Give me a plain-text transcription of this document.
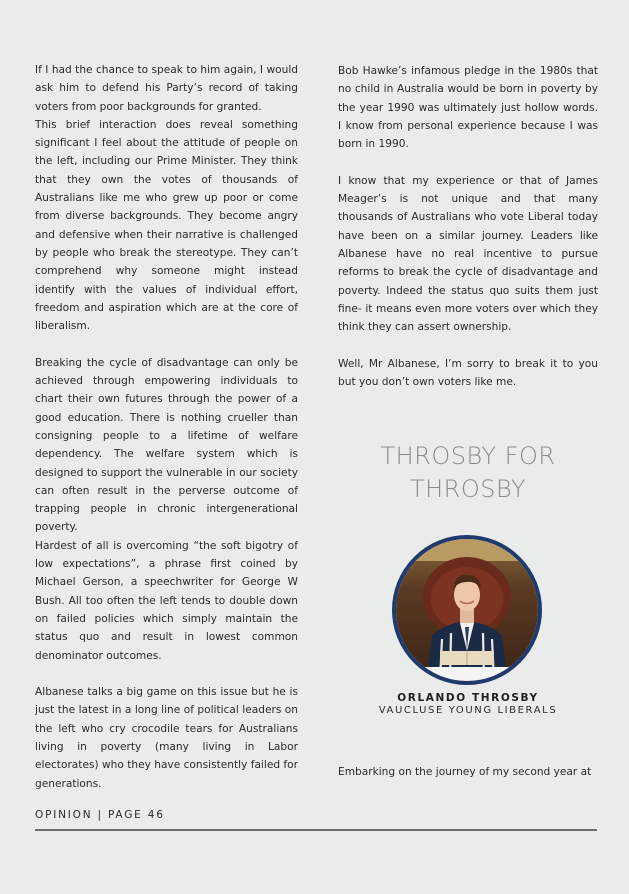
If I had the chance to speak to him again, I would ask him to defend his Party’s record of taking voters from poor backgrounds for granted.

This brief interaction does reveal something significant I feel about the attitude of people on the left, including our Prime Minister. They think that they own the votes of thousands of Australians like me who grew up poor or come from diverse backgrounds. They become angry and defensive when their narrative is challenged by people who break the stereotype. They can’t comprehend why someone might instead identify with the values of individual effort, freedom and aspiration which are at the core of liberalism.

Breaking the cycle of disadvantage can only be achieved through empowering individuals to chart their own futures through the power of a good education. There is nothing crueller than consigning people to a lifetime of welfare dependency. The welfare system which is designed to support the vulnerable in our society can often result in the perverse outcome of trapping people in chronic intergenerational poverty.

Hardest of all is overcoming “the soft bigotry of low expectations”, a phrase first coined by Michael Gerson, a speechwriter for George W Bush. All too often the left tends to double down on failed policies which simply maintain the status quo and result in lowest common denominator outcomes.

Albanese talks a big game on this issue but he is just the latest in a long line of political leaders on the left who cry crocodile tears for Australians living in poverty (many living in Labor electorates) who they have consistently failed for generations.

Bob Hawke’s infamous pledge in the 1980s that no child in Australia would be born in poverty by the year 1990 was ultimately just hollow words. I know from personal experience because I was born in 1990.

I know that my experience or that of James Meager’s is not unique and that many thousands of Australians who vote Liberal today have been on a similar journey. Leaders like Albanese have no real incentive to pursue reforms to break the cycle of disadvantage and poverty. Indeed the status quo suits them just fine- it means even more voters over which they think they can assert ownership.

Well, Mr Albanese, I’m sorry to break it to you but you don’t own voters like me.

THROSBY FOR THROSBY
ORLANDO THROSBY
VAUCLUSE YOUNG LIBERALS

Embarking on the journey of my second year at

OPINION | PAGE 46
